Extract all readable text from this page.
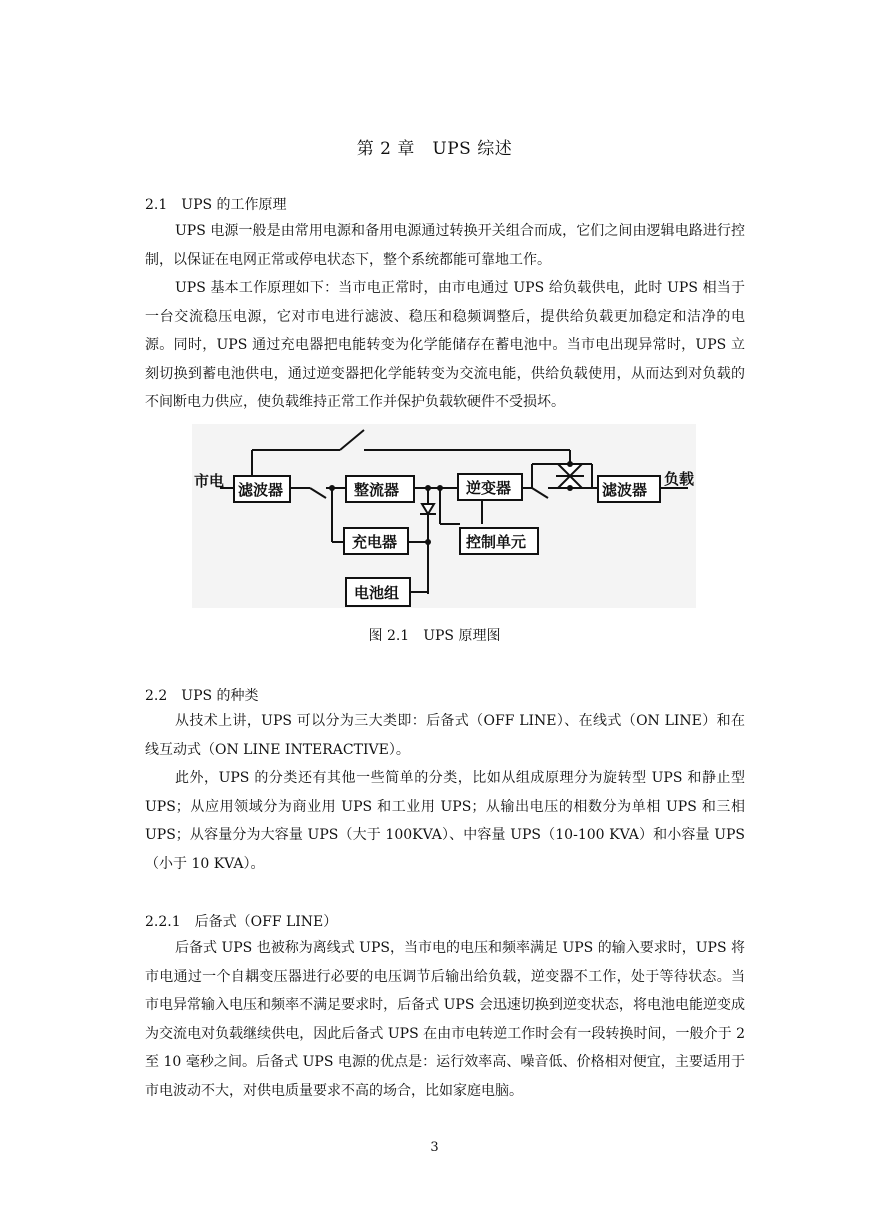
第 2 章　UPS 综述
2.1　UPS 的工作原理

UPS 电源一般是由常用电源和备用电源通过转换开关组合而成，它们之间由逻辑电路进行控制，以保证在电网正常或停电状态下，整个系统都能可靠地工作。

UPS 基本工作原理如下：当市电正常时，由市电通过 UPS 给负载供电，此时 UPS 相当于一台交流稳压电源，它对市电进行滤波、稳压和稳频调整后，提供给负载更加稳定和洁净的电源。同时，UPS 通过充电器把电能转变为化学能储存在蓄电池中。当市电出现异常时，UPS 立刻切换到蓄电池供电，通过逆变器把化学能转变为交流电能，供给负载使用，从而达到对负载的不间断电力供应，使负载维持正常工作并保护负载软硬件不受损坏。

市电 滤波器	整流器	逆变器	滤波器
负载
充电器	控制单元
电池组
图 2.1　UPS 原理图
2.2　UPS 的种类

从技术上讲，UPS 可以分为三大类即：后备式（OFF LINE）、在线式（ON LINE）和在线互动式（ON LINE INTERACTIVE）。

此外，UPS 的分类还有其他一些简单的分类，比如从组成原理分为旋转型 UPS 和静止型 UPS；从应用领域分为商业用 UPS 和工业用 UPS；从输出电压的相数分为单相 UPS 和三相 UPS；从容量分为大容量 UPS（大于 100KVA）、中容量 UPS（10-100 KVA）和小容量 UPS（小于 10 KVA）。

2.2.1　后备式（OFF LINE）

后备式 UPS 也被称为离线式 UPS，当市电的电压和频率满足 UPS 的输入要求时，UPS 将市电通过一个自耦变压器进行必要的电压调节后输出给负载，逆变器不工作，处于等待状态。当市电异常输入电压和频率不满足要求时，后备式 UPS 会迅速切换到逆变状态，将电池电能逆变成为交流电对负载继续供电，因此后备式 UPS 在由市电转逆工作时会有一段转换时间，一般介于 2 至 10 毫秒之间。后备式 UPS 电源的优点是：运行效率高、噪音低、价格相对便宜，主要适用于市电波动不大，对供电质量要求不高的场合，比如家庭电脑。

3
